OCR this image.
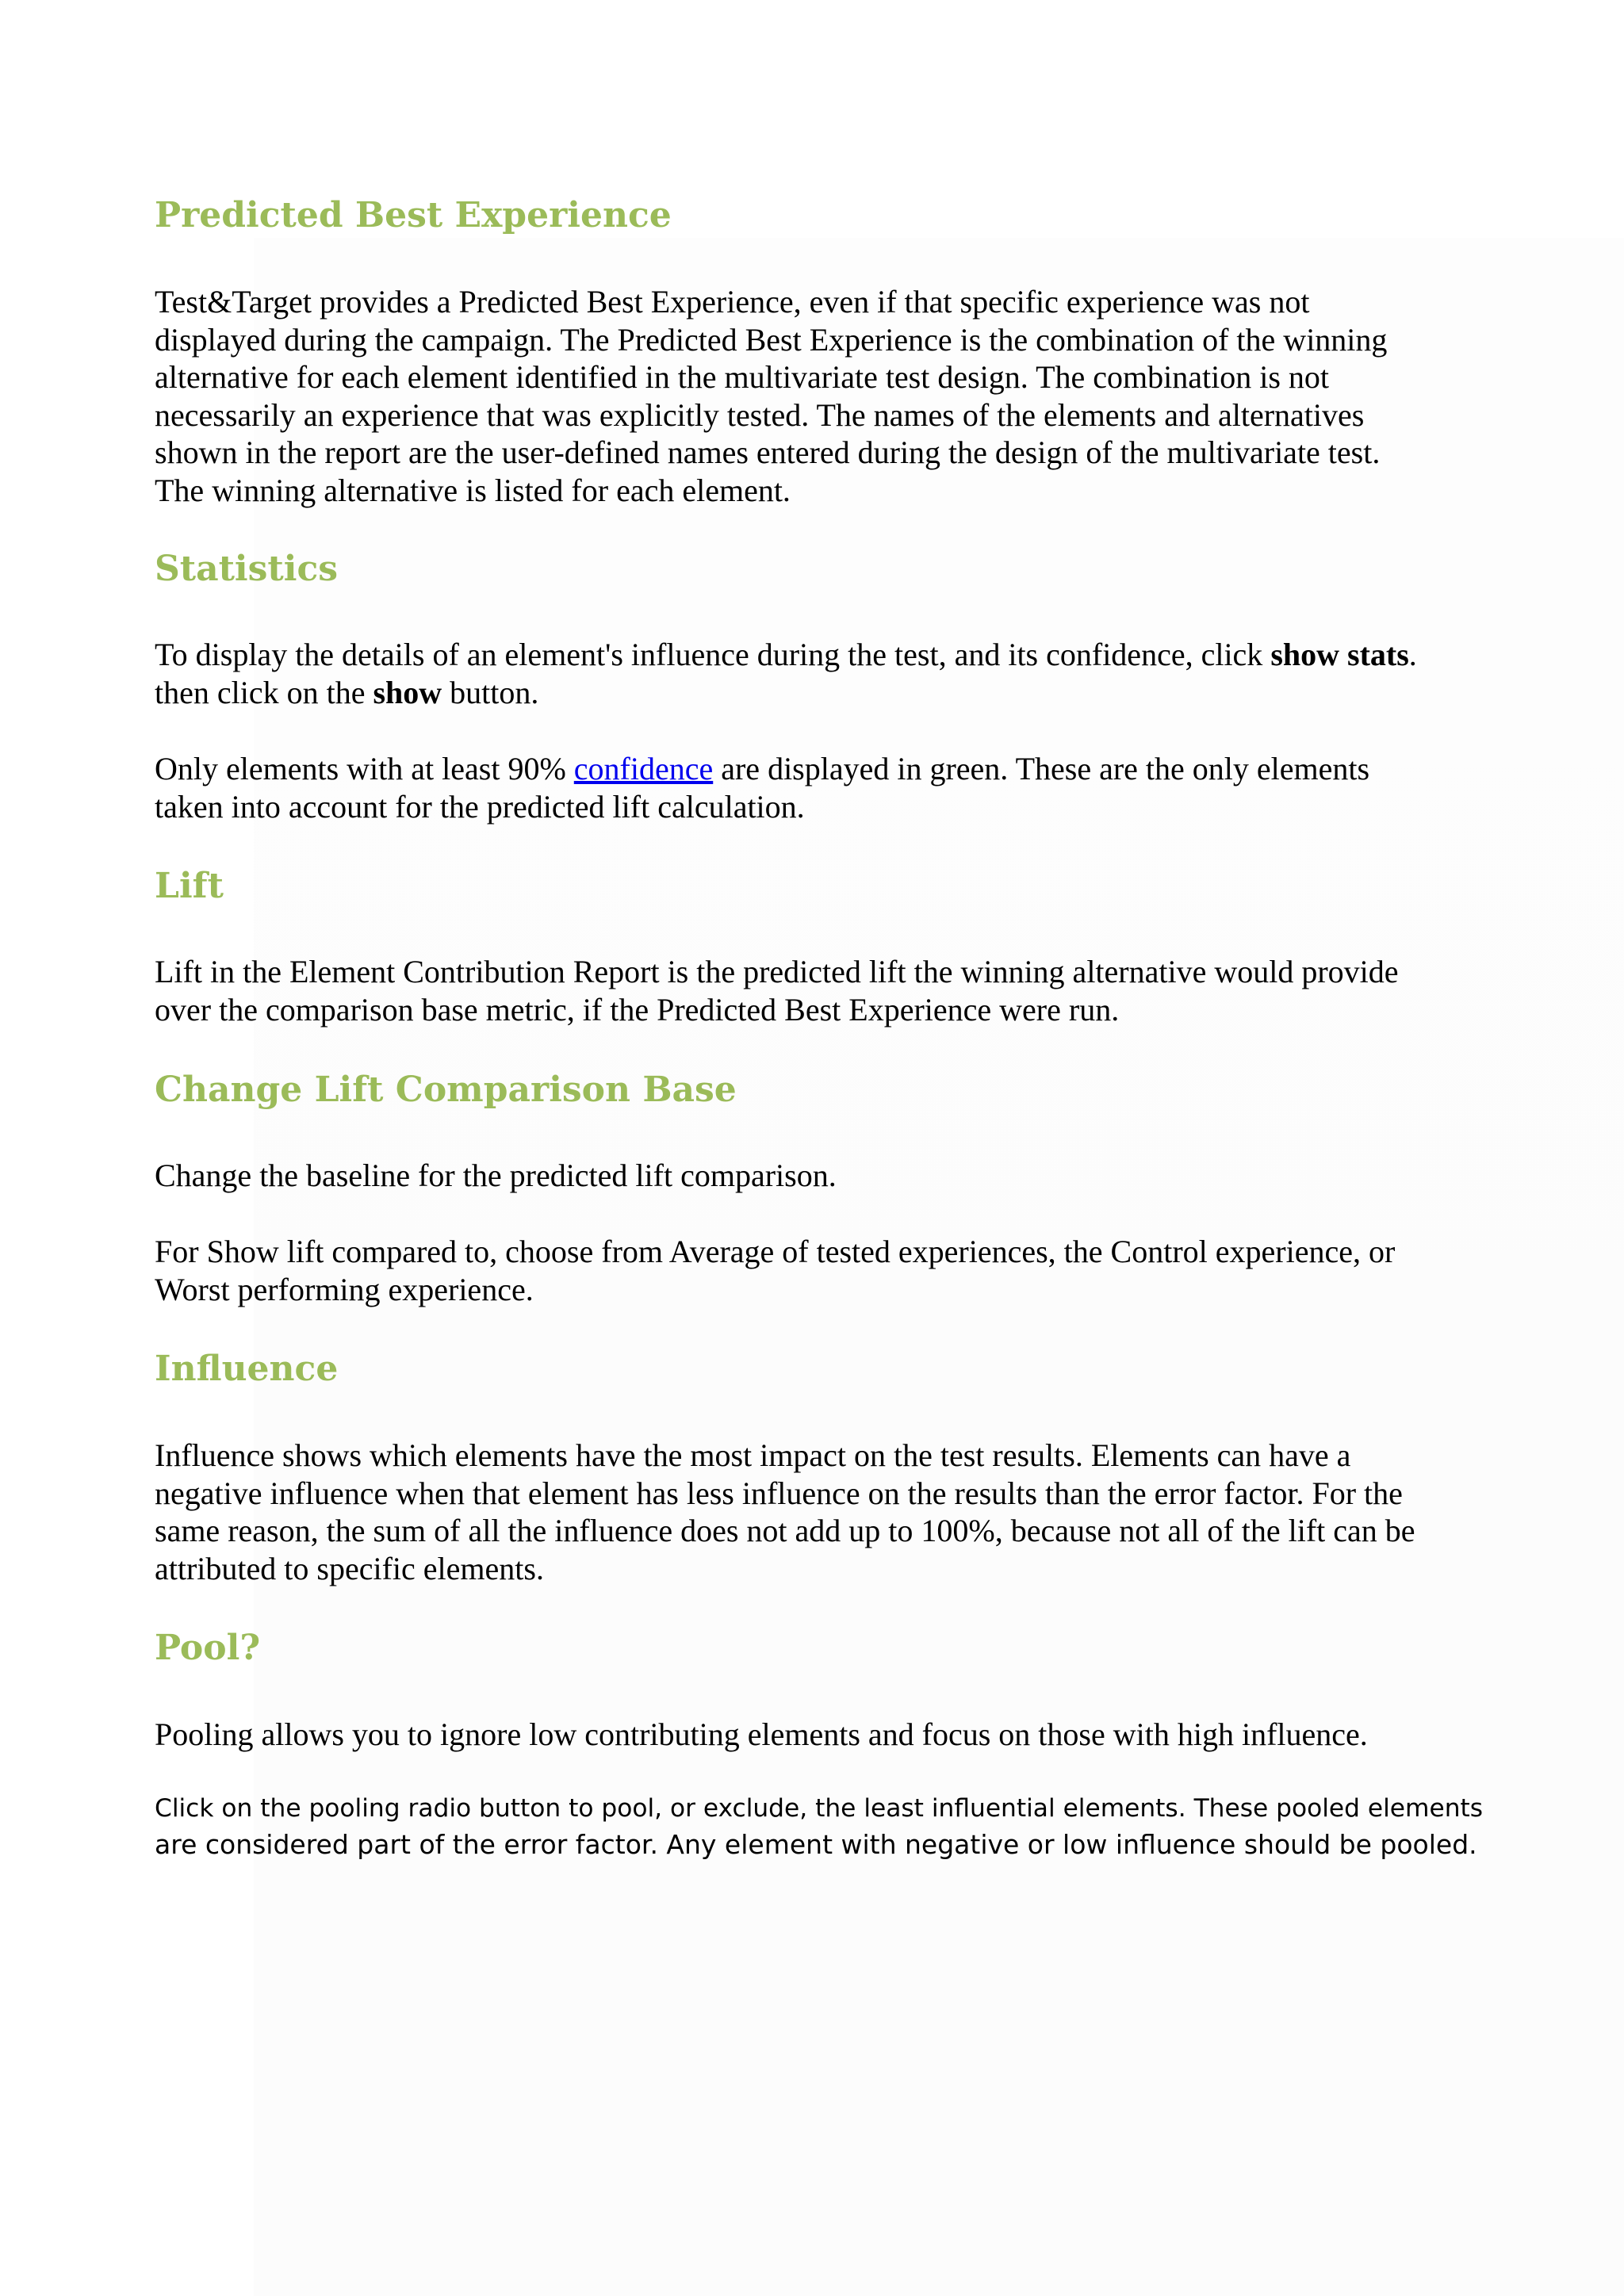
Predicted Best Experience
Test&Target provides a Predicted Best Experience, even if that specific experience was not
displayed during the campaign. The Predicted Best Experience is the combination of the winning
alternative for each element identified in the multivariate test design. The combination is not
necessarily an experience that was explicitly tested. The names of the elements and alternatives
shown in the report are the user-defined names entered during the design of the multivariate test.
The winning alternative is listed for each element.
Statistics
To display the details of an element's influence during the test, and its confidence, click show stats.
then click on the show button.
Only elements with at least 90% confidence are displayed in green. These are the only elements
taken into account for the predicted lift calculation.
Lift
Lift in the Element Contribution Report is the predicted lift the winning alternative would provide
over the comparison base metric, if the Predicted Best Experience were run.
Change Lift Comparison Base
Change the baseline for the predicted lift comparison.
For Show lift compared to, choose from Average of tested experiences, the Control experience, or
Worst performing experience.
Influence
Influence shows which elements have the most impact on the test results. Elements can have a
negative influence when that element has less influence on the results than the error factor. For the
same reason, the sum of all the influence does not add up to 100%, because not all of the lift can be
attributed to specific elements.
Pool?
Pooling allows you to ignore low contributing elements and focus on those with high influence.
Click on the pooling radio button to pool, or exclude, the least influential elements. These pooled elements
are considered part of the error factor. Any element with negative or low influence should be pooled.
